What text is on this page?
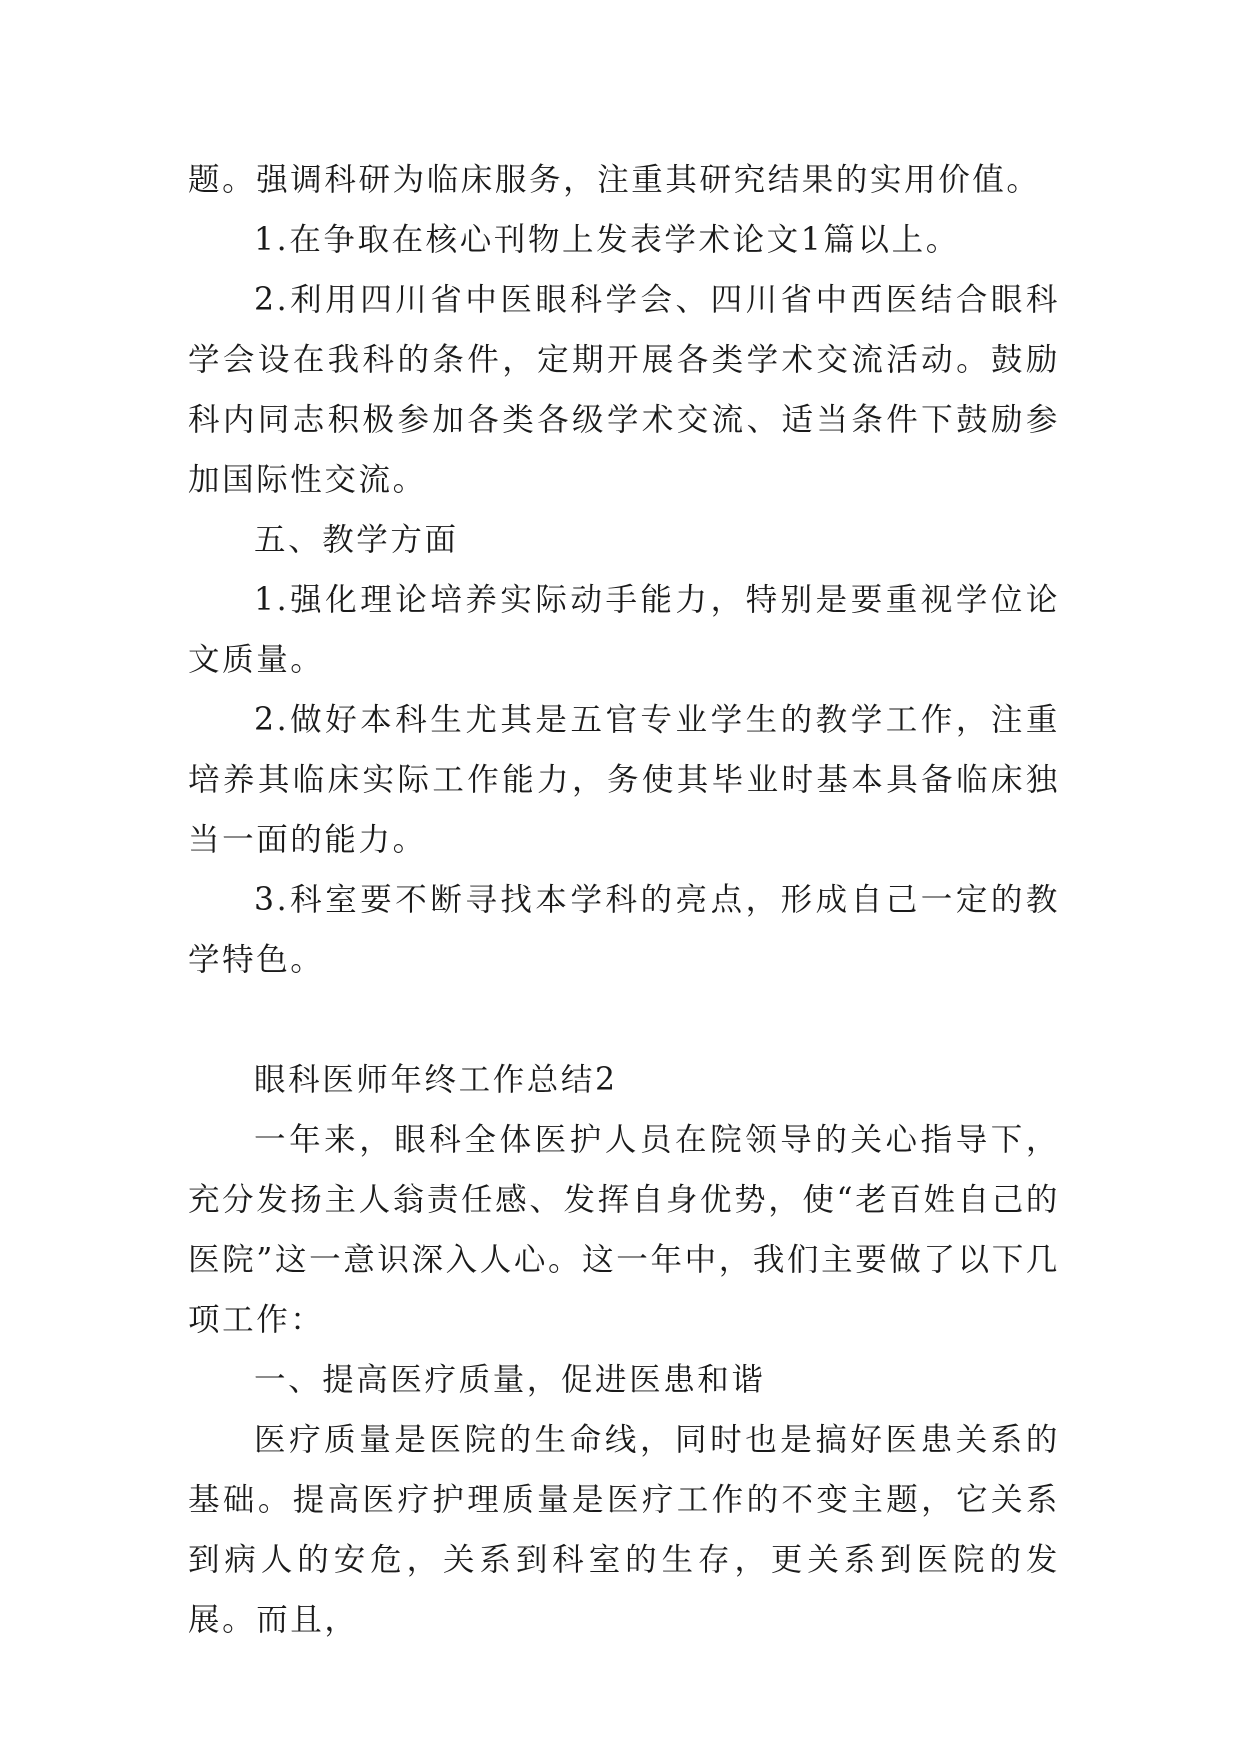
题。强调科研为临床服务，注重其研究结果的实用价值。

1.在争取在核心刊物上发表学术论文1篇以上。

2.利用四川省中医眼科学会、四川省中西医结合眼科学会设在我科的条件，定期开展各类学术交流活动。鼓励科内同志积极参加各类各级学术交流、适当条件下鼓励参加国际性交流。

五、教学方面

1.强化理论培养实际动手能力，特别是要重视学位论文质量。

2.做好本科生尤其是五官专业学生的教学工作，注重培养其临床实际工作能力，务使其毕业时基本具备临床独当一面的能力。

3.科室要不断寻找本学科的亮点，形成自己一定的教学特色。

眼科医师年终工作总结2

一年来，眼科全体医护人员在院领导的关心指导下，充分发扬主人翁责任感、发挥自身优势，使“老百姓自己的医院”这一意识深入人心。这一年中，我们主要做了以下几项工作：

一、提高医疗质量，促进医患和谐

医疗质量是医院的生命线，同时也是搞好医患关系的基础。提高医疗护理质量是医疗工作的不变主题，它关系到病人的安危，关系到科室的生存，更关系到医院的发展。而且，
